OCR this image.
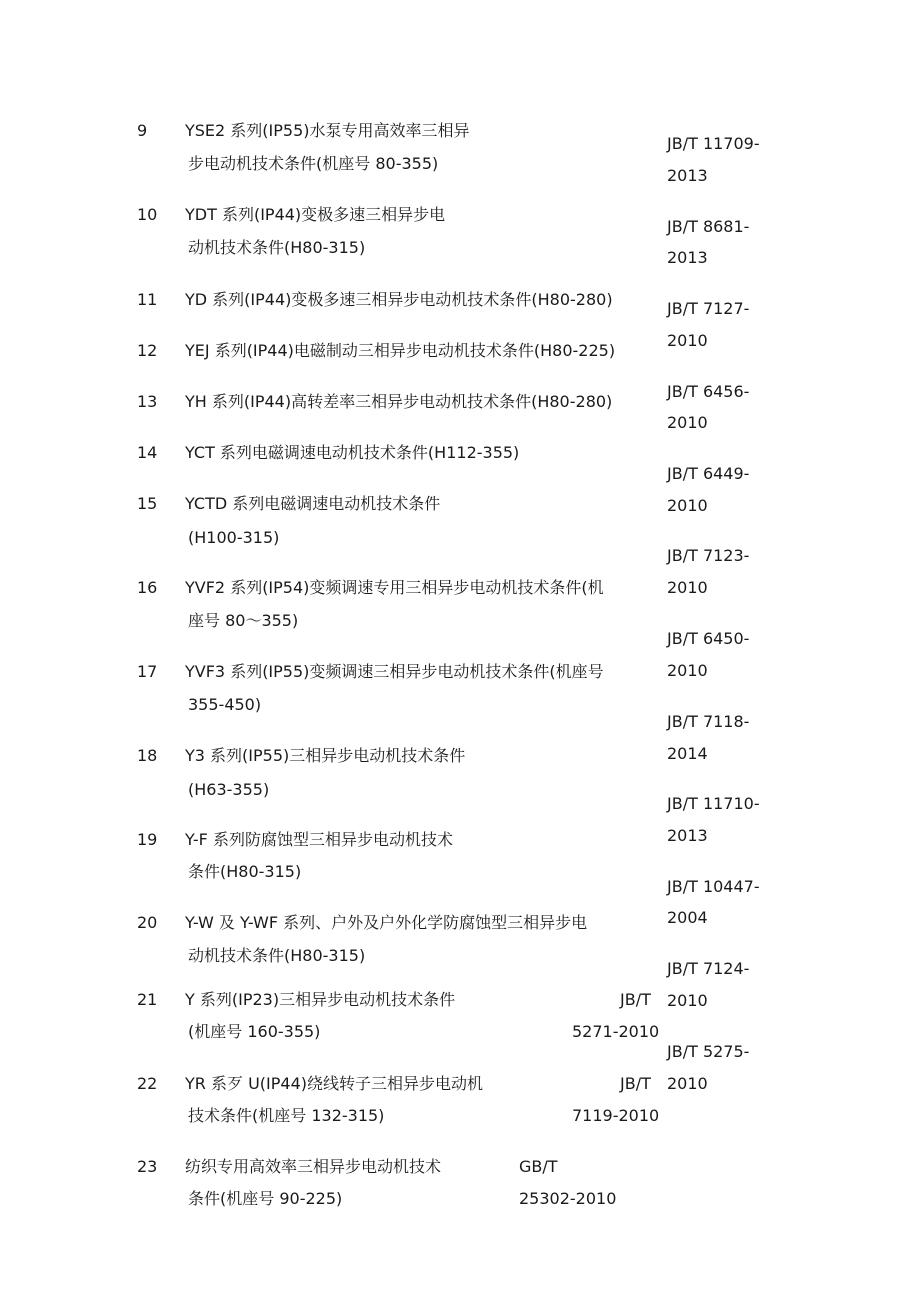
9 YSE2 系列(IP55)水泵专用高效率三相异
步电动机技术条件(机座号 80-355)
10 YDT 系列(IP44)变极多速三相异步电
动机技术条件(H80-315)
11 YD 系列(IP44)变极多速三相异步电动机技术条件(H80-280)
12 YEJ 系列(IP44)电磁制动三相异步电动机技术条件(H80-225)
13 YH 系列(IP44)高转差率三相异步电动机技术条件(H80-280)
14 YCT 系列电磁调速电动机技术条件(H112-355)
15 YCTD 系列电磁调速电动机技术条件
(H100-315)
16 YVF2 系列(IP54)变频调速专用三相异步电动机技术条件(机
座号 80～355)
17 YVF3 系列(IP55)变频调速三相异步电动机技术条件(机座号
355-450)
18 Y3 系列(IP55)三相异步电动机技术条件
(H63-355)
19 Y-F 系列防腐蚀型三相异步电动机技术
条件(H80-315)
20 Y-W 及 Y-WF 系列、户外及户外化学防腐蚀型三相异步电
动机技术条件(H80-315)
21 Y 系列(IP23)三相异步电动机技术条件
(机座号 160-355)
JB/T
5271-2010
22 YR 系歹 U(IP44)绕线转子三相异步电动机
技术条件(机座号 132-315)
JB/T
7119-2010
23 纺织专用高效率三相异步电动机技术
条件(机座号 90-225)
GB/T
25302-2010
JB/T 11709-
2013
JB/T 8681-
2013
JB/T 7127-
2010
JB/T 6456-
2010
JB/T 6449-
2010
JB/T 7123-
2010
JB/T 6450-
2010
JB/T 7118-
2014
JB/T 11710-
2013
JB/T 10447-
2004
JB/T 7124-
2010
JB/T 5275-
2010
